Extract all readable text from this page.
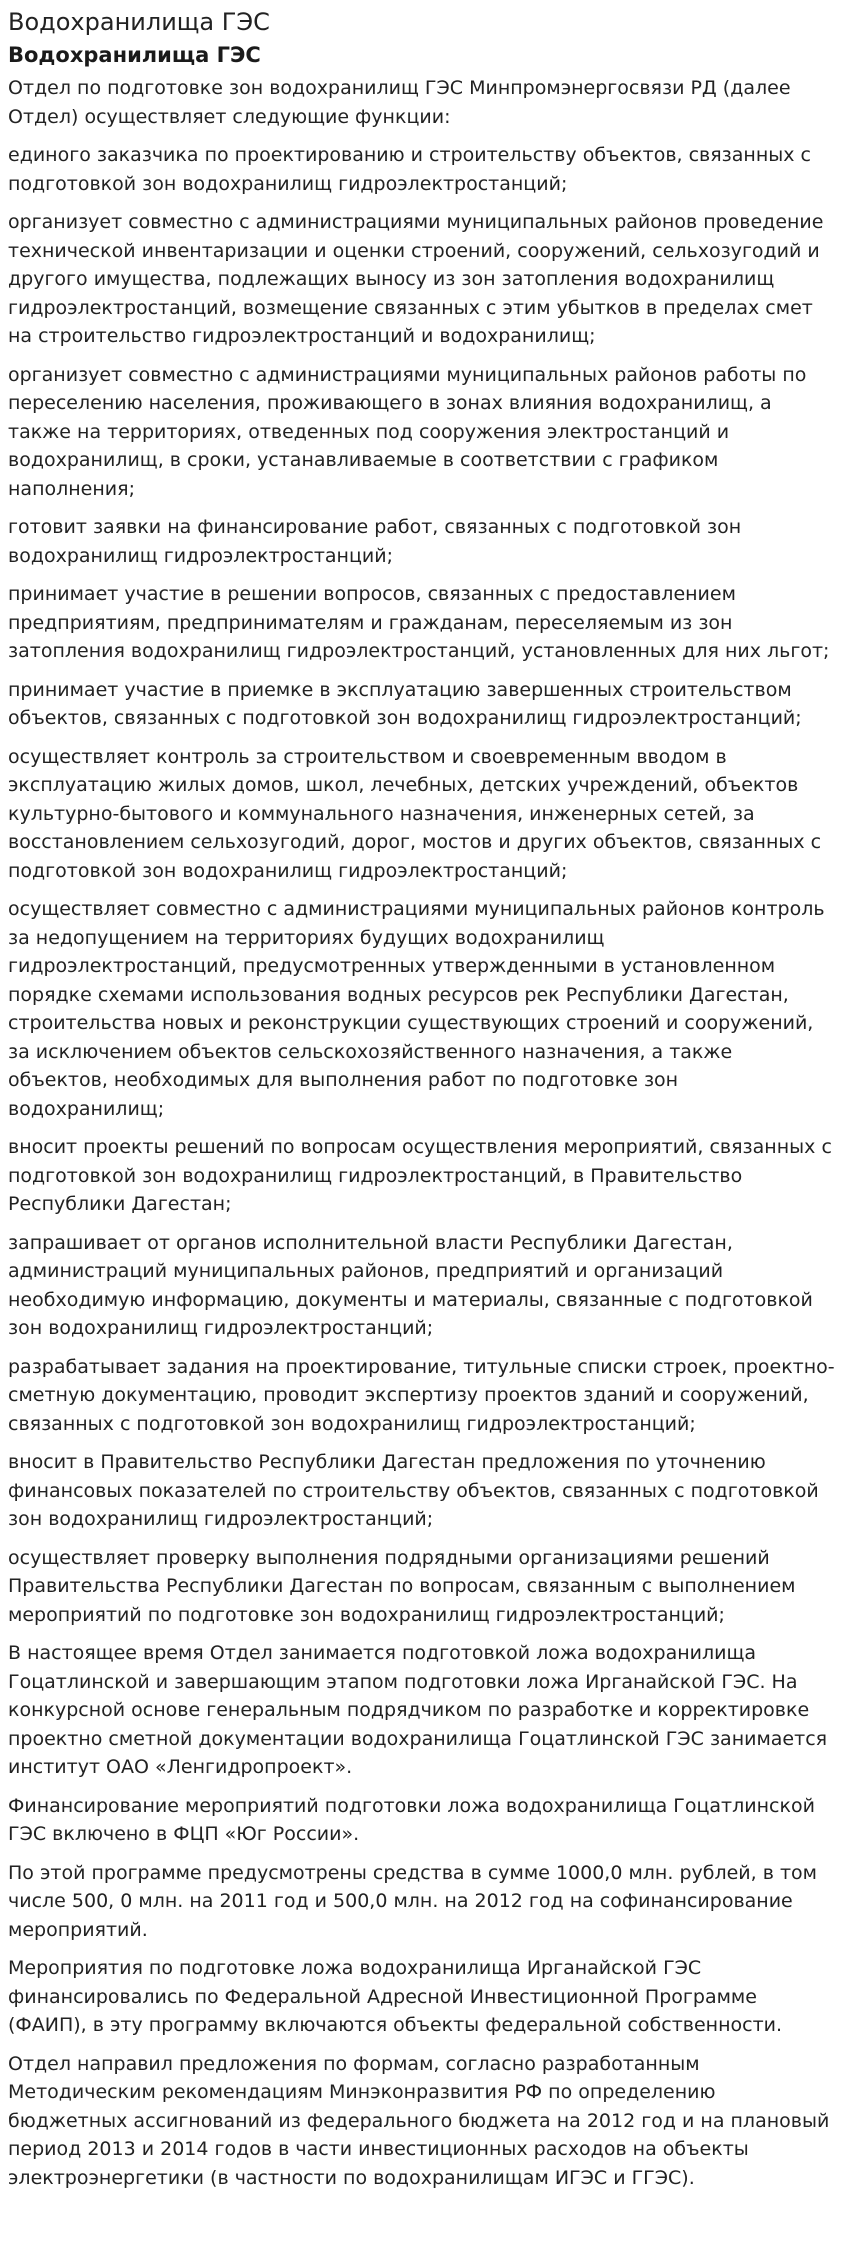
Водохранилища ГЭС
Водохранилища ГЭС

Отдел по подготовке зон водохранилищ ГЭС Минпромэнергосвязи РД (далее Отдел) осуществляет следующие функции:

единого заказчика по проектированию и строительству объектов, связанных с подготовкой зон водохранилищ гидроэлектростанций;

организует совместно с администрациями муниципальных районов проведение технической инвентаризации и оценки строений, сооружений, сельхозугодий и другого имущества, подлежащих выносу из зон затопления водохранилищ гидроэлектростанций, возмещение связанных с этим убытков в пределах смет на строительство гидроэлектростанций и водохранилищ;

организует совместно с администрациями муниципальных районов работы по переселению населения, проживающего в зонах влияния водохранилищ, а также на территориях, отведенных под сооружения электростанций и водохранилищ, в сроки, устанавливаемые в соответствии с графиком наполнения;

готовит заявки на финансирование работ, связанных с подготовкой зон водохранилищ гидроэлектростанций;

принимает участие в решении вопросов, связанных с предоставлением предприятиям, предпринимателям и гражданам, переселяемым из зон затопления водохранилищ гидроэлектростанций, установленных для них льгот;

принимает участие в приемке в эксплуатацию завершенных строительством объектов, связанных с подготовкой зон водохранилищ гидроэлектростанций;

осуществляет контроль за строительством и своевременным вводом в эксплуатацию жилых домов, школ, лечебных, детских учреждений, объектов культурно-бытового и коммунального назначения, инженерных сетей, за восстановлением сельхозугодий, дорог, мостов и других объектов, связанных с подготовкой зон водохранилищ гидроэлектростанций;

осуществляет совместно с администрациями муниципальных районов контроль за недопущением на территориях будущих водохранилищ гидроэлектростанций, предусмотренных утвержденными в установленном порядке схемами использования водных ресурсов рек Республики Дагестан, строительства новых и реконструкции существующих строений и сооружений, за исключением объектов сельскохозяйственного назначения, а также объектов, необходимых для выполнения работ по подготовке зон водохранилищ;

вносит проекты решений по вопросам осуществления мероприятий, связанных с подготовкой зон водохранилищ гидроэлектростанций, в Правительство Республики Дагестан;

запрашивает от органов исполнительной власти Республики Дагестан, администраций муниципальных районов, предприятий и организаций необходимую информацию, документы и материалы, связанные с подготовкой зон водохранилищ гидроэлектростанций;

разрабатывает задания на проектирование, титульные списки строек, проектно-сметную документацию, проводит экспертизу проектов зданий и сооружений, связанных с подготовкой зон водохранилищ гидроэлектростанций;

вносит в Правительство Республики Дагестан предложения по уточнению финансовых показателей по строительству объектов, связанных с подготовкой зон водохранилищ гидроэлектростанций;

осуществляет проверку выполнения подрядными организациями решений Правительства Республики Дагестан по вопросам, связанным с выполнением мероприятий по подготовке зон водохранилищ гидроэлектростанций;

В настоящее время Отдел занимается подготовкой ложа водохранилища Гоцатлинской и завершающим этапом подготовки ложа Ирганайской ГЭС. На конкурсной основе генеральным подрядчиком по разработке и корректировке проектно сметной документации водохранилища Гоцатлинской ГЭС занимается институт ОАО «Ленгидропроект».

Финансирование мероприятий подготовки ложа водохранилища Гоцатлинской ГЭС включено в ФЦП «Юг России».

По этой программе предусмотрены средства в сумме 1000,0 млн. рублей, в том числе 500, 0 млн. на 2011 год и 500,0 млн. на 2012 год на софинансирование мероприятий.

Мероприятия по подготовке ложа водохранилища Ирганайской ГЭС финансировались по Федеральной Адресной Инвестиционной Программе (ФАИП), в эту программу включаются объекты федеральной собственности.

Отдел направил предложения по формам, согласно разработанным Методическим рекомендациям Минэконразвития РФ по определению бюджетных ассигнований из федерального бюджета на 2012 год и на плановый период 2013 и 2014 годов в части инвестиционных расходов на объекты электроэнергетики (в частности по водохранилищам ИГЭС и ГГЭС).
